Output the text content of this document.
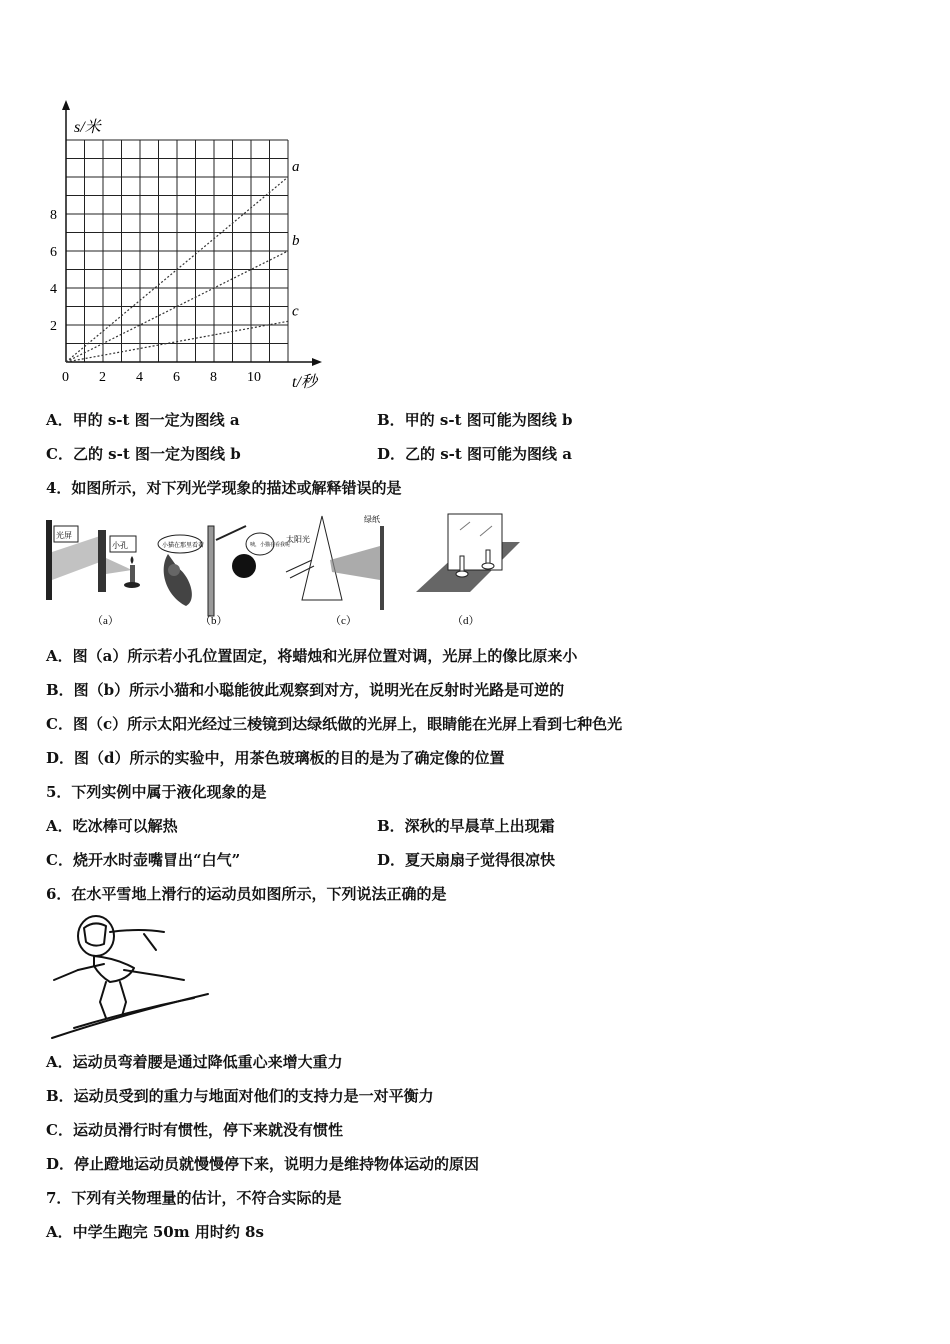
a
b
c
0 2 4 6 8 10
2
4
6
8
s/米
t/秒
A．甲的 s-t 图一定为图线 a	B．甲的 s-t 图可能为图线 b
C．乙的 s-t 图一定为图线 b	D．乙的 s-t 图可能为图线 a
4．如图所示，对下列光学现象的描述或解释错误的是
光屏
小孔
（a）
小猫在那里看着	咦，小猫在看我呢
（b）
太阳光
绿纸
（c）	（d）
A．图（a）所示若小孔位置固定，将蜡烛和光屏位置对调，光屏上的像比原来小
B．图（b）所示小猫和小聪能彼此观察到对方，说明光在反射时光路是可逆的
C．图（c）所示太阳光经过三棱镜到达绿纸做的光屏上，眼睛能在光屏上看到七种色光
D．图（d）所示的实验中，用茶色玻璃板的目的是为了确定像的位置
5．下列实例中属于液化现象的是
A．吃冰棒可以解热	B．深秋的早晨草上出现霜
C．烧开水时壶嘴冒出“白气”	D．夏天扇扇子觉得很凉快
6．在水平雪地上滑行的运动员如图所示，下列说法正确的是
A．运动员弯着腰是通过降低重心来增大重力
B．运动员受到的重力与地面对他们的支持力是一对平衡力
C．运动员滑行时有惯性，停下来就没有惯性
D．停止蹬地运动员就慢慢停下来，说明力是维持物体运动的原因
7．下列有关物理量的估计，不符合实际的是
A．中学生跑完 50m 用时约 8s
